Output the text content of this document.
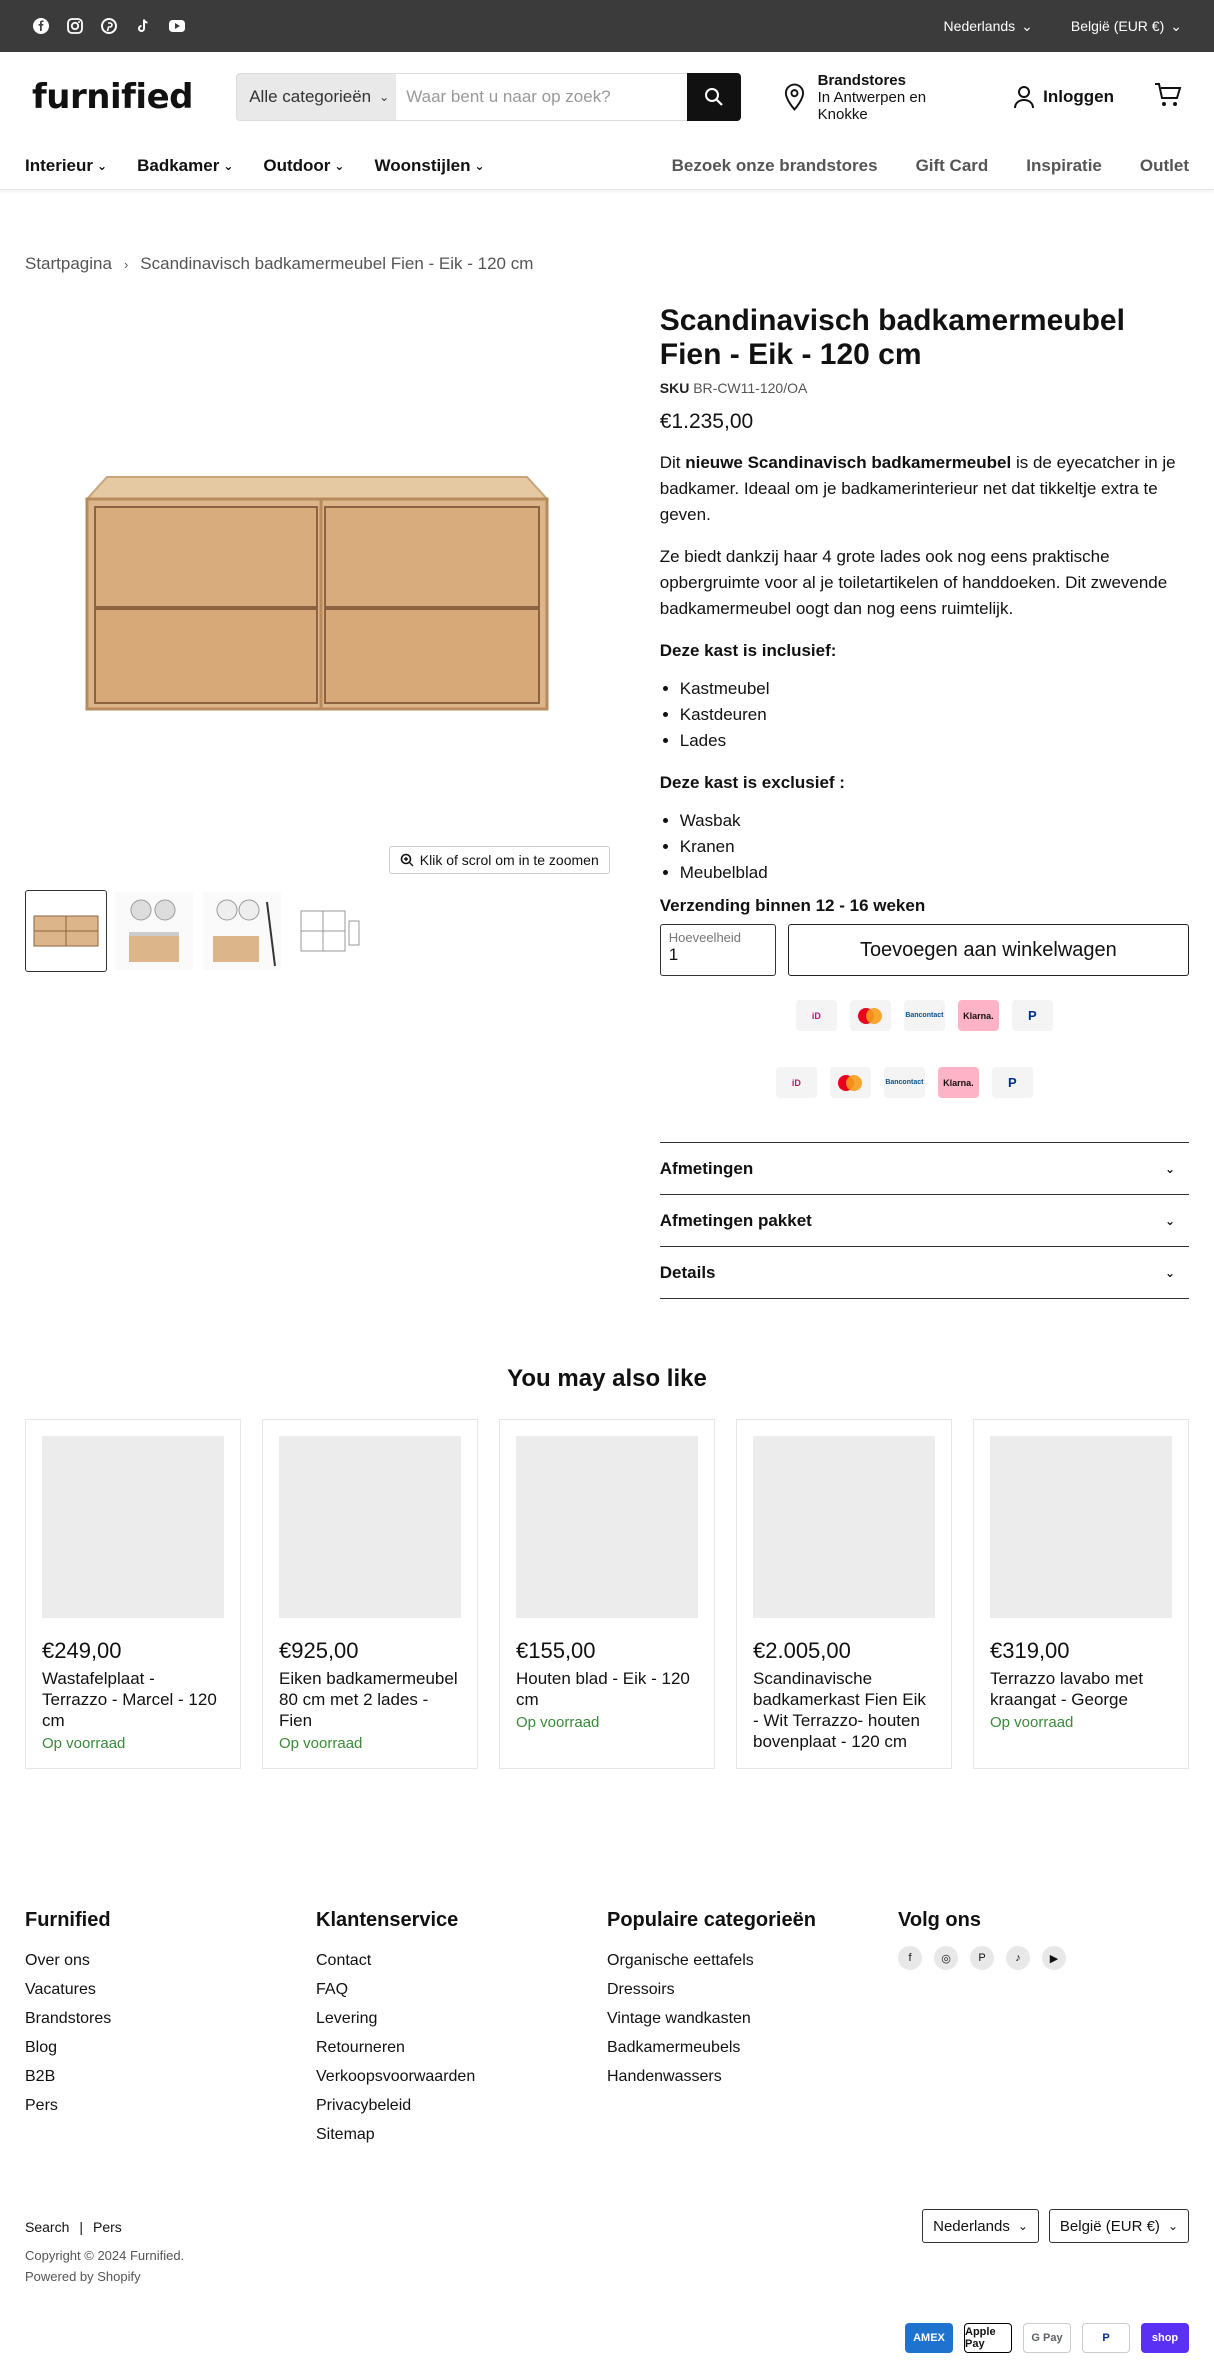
Nederlands ⌄	België (EUR €) ⌄
furnified	Alle categorieën ⌄	Waar bent u naar op zoek?
Brandstores
In Antwerpen en Knokke
Inloggen
Interieur ⌄ Badkamer ⌄ Outdoor ⌄ Woonstijlen ⌄	Bezoek onze brandstores Gift Card Inspiratie Outlet
Startpagina › Scandinavisch badkamermeubel Fien - Eik - 120 cm
Klik of scrol om in te zoomen
Scandinavisch badkamermeubel Fien - Eik - 120 cm
SKU BR-CW11-120/OA
€1.235,00

Dit nieuwe Scandinavisch badkamermeubel is de eyecatcher in je badkamer. Ideaal om je badkamerinterieur net dat tikkeltje extra te geven.

Ze biedt dankzij haar 4 grote lades ook nog eens praktische opbergruimte voor al je toiletartikelen of handdoeken. Dit zwevende badkamermeubel oogt dan nog eens ruimtelijk.

Deze kast is inclusief:

• Kastmeubel
• Kastdeuren
• Lades

Deze kast is exclusief :

• Wasbak
• Kranen
• Meubelblad
Verzending binnen 12 - 16 weken
Hoeveelheid
1	Toevoegen aan winkelwagen
iD	Bancontact	Klarna.	P
iD	Bancontact	Klarna.	P
Afmetingen	⌄
Afmetingen pakket	⌄
Details	⌄
You may also like
€249,00
Wastafelplaat - Terrazzo - Marcel - 120 cm
Op voorraad
€925,00
Eiken badkamermeubel 80 cm met 2 lades - Fien
Op voorraad
€155,00
Houten blad - Eik - 120 cm
Op voorraad
€2.005,00
Scandinavische badkamerkast Fien Eik - Wit Terrazzo- houten bovenplaat - 120 cm
€319,00
Terrazzo lavabo met kraangat - George
Op voorraad
Furnified
Over ons
Vacatures
Brandstores
Blog
B2B
Pers
Klantenservice
Contact
FAQ
Levering
Retourneren
Verkoopsvoorwaarden
Privacybeleid
Sitemap
Populaire categorieën
Organische eettafels
Dressoirs
Vintage wandkasten
Badkamermeubels
Handenwassers
Volg ons
f	◎	P	♪	▶
Search | Pers
Copyright © 2024 Furnified.
Powered by Shopify
Nederlands ⌄ België (EUR €) ⌄
AMEX	Apple Pay	G Pay	P	shop
